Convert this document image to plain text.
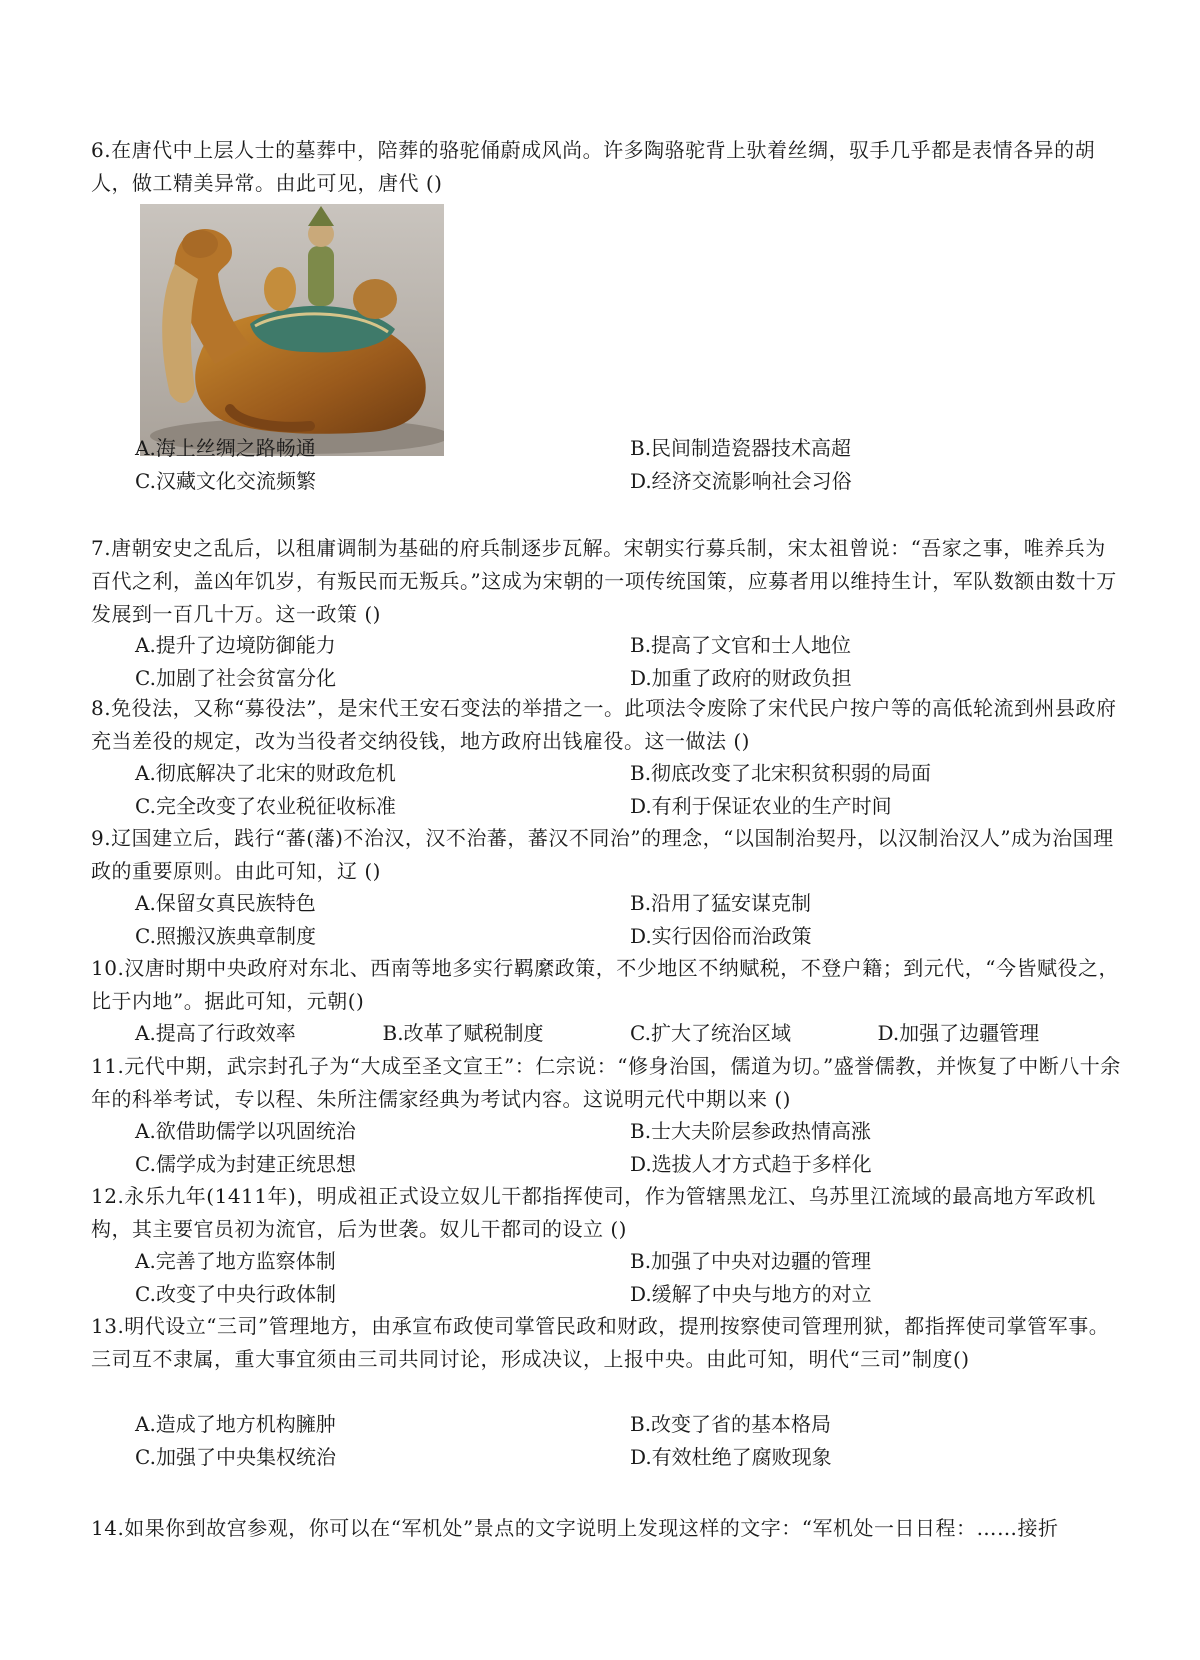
6.在唐代中上层人士的墓葬中，陪葬的骆驼俑蔚成风尚。许多陶骆驼背上驮着丝绸，驭手几乎都是表情各异的胡人，做工精美异常。由此可见，唐代 ()
A.海上丝绸之路畅通	B.民间制造瓷器技术高超
C.汉藏文化交流频繁	D.经济交流影响社会习俗
7.唐朝安史之乱后，以租庸调制为基础的府兵制逐步瓦解。宋朝实行募兵制，宋太祖曾说：“吾家之事，唯养兵为百代之利，盖凶年饥岁，有叛民而无叛兵。”这成为宋朝的一项传统国策，应募者用以维持生计，军队数额由数十万发展到一百几十万。这一政策 ()
A.提升了边境防御能力	B.提高了文官和士人地位
C.加剧了社会贫富分化	D.加重了政府的财政负担
8.免役法，又称“募役法”，是宋代王安石变法的举措之一。此项法令废除了宋代民户按户等的高低轮流到州县政府充当差役的规定，改为当役者交纳役钱，地方政府出钱雇役。这一做法 ()
A.彻底解决了北宋的财政危机	B.彻底改变了北宋积贫积弱的局面
C.完全改变了农业税征收标准	D.有利于保证农业的生产时间
9.辽国建立后，践行“蕃(藩)不治汉，汉不治蕃，蕃汉不同治”的理念，“以国制治契丹，以汉制治汉人”成为治国理政的重要原则。由此可知，辽 ()
A.保留女真民族特色	B.沿用了猛安谋克制
C.照搬汉族典章制度	D.实行因俗而治政策
10.汉唐时期中央政府对东北、西南等地多实行羁縻政策，不少地区不纳赋税，不登户籍；到元代，“今皆赋役之，比于内地”。据此可知，元朝()
A.提高了行政效率	B.改革了赋税制度	C.扩大了统治区域	D.加强了边疆管理
11.元代中期，武宗封孔子为“大成至圣文宣王”：仁宗说：“修身治国，儒道为切。”盛誉儒教，并恢复了中断八十余年的科举考试，专以程、朱所注儒家经典为考试内容。这说明元代中期以来 ()
A.欲借助儒学以巩固统治	B.士大夫阶层参政热情高涨
C.儒学成为封建正统思想	D.选拔人才方式趋于多样化
12.永乐九年(1411年)，明成祖正式设立奴儿干都指挥使司，作为管辖黑龙江、乌苏里江流域的最高地方军政机构，其主要官员初为流官，后为世袭。奴儿干都司的设立 ()
A.完善了地方监察体制	B.加强了中央对边疆的管理
C.改变了中央行政体制	D.缓解了中央与地方的对立
13.明代设立“三司”管理地方，由承宣布政使司掌管民政和财政，提刑按察使司管理刑狱，都指挥使司掌管军事。三司互不隶属，重大事宜须由三司共同讨论，形成决议，上报中央。由此可知，明代“三司”制度()
A.造成了地方机构臃肿	B.改变了省的基本格局
C.加强了中央集权统治	D.有效杜绝了腐败现象
14.如果你到故宫参观，你可以在“军机处”景点的文字说明上发现这样的文字：“军机处一日日程：……接折
